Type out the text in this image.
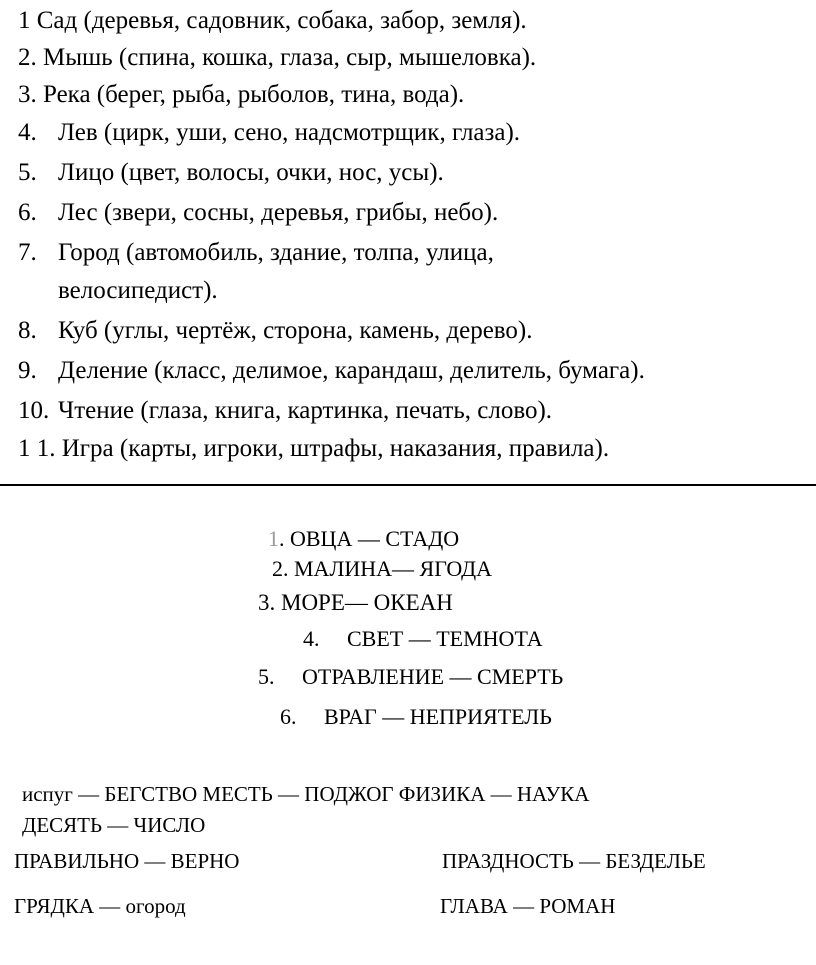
1 Сад (деревья, садовник, собака, забор, земля).
2. Мышь (спина, кошка, глаза, сыр, мышеловка).
3. Река (берег, рыба, рыболов, тина, вода).
4. Лев (цирк, уши, сено, надсмотрщик, глаза).
5. Лицо (цвет, волосы, очки, нос, усы).
6. Лес (звери, сосны, деревья, грибы, небо).
7. Город (автомобиль, здание, толпа, улица,
велосипедист).
8. Куб (углы, чертёж, сторона, камень, дерево).
9. Деление (класс, делимое, карандаш, делитель, бумага).
10. Чтение (глаза, книга, картинка, печать, слово).
1 1. Игра (карты, игроки, штрафы, наказания, правила).
1. ОВЦА — СТАДО
2. МАЛИНА— ЯГОДА
3. МОРЕ— ОКЕАН
4. СВЕТ — ТЕМНОТА
5. ОТРАВЛЕНИЕ — СМЕРТЬ
6. ВРАГ — НЕПРИЯТЕЛЬ
испуг — БЕГСТВО МЕСТЬ — ПОДЖОГ ФИЗИКА — НАУКА
ДЕСЯТЬ — ЧИСЛО
ПРАВИЛЬНО — ВЕРНО	ПРАЗДНОСТЬ — БЕЗДЕЛЬЕ
ГРЯДКА — огород	ГЛАВА — РОМАН
